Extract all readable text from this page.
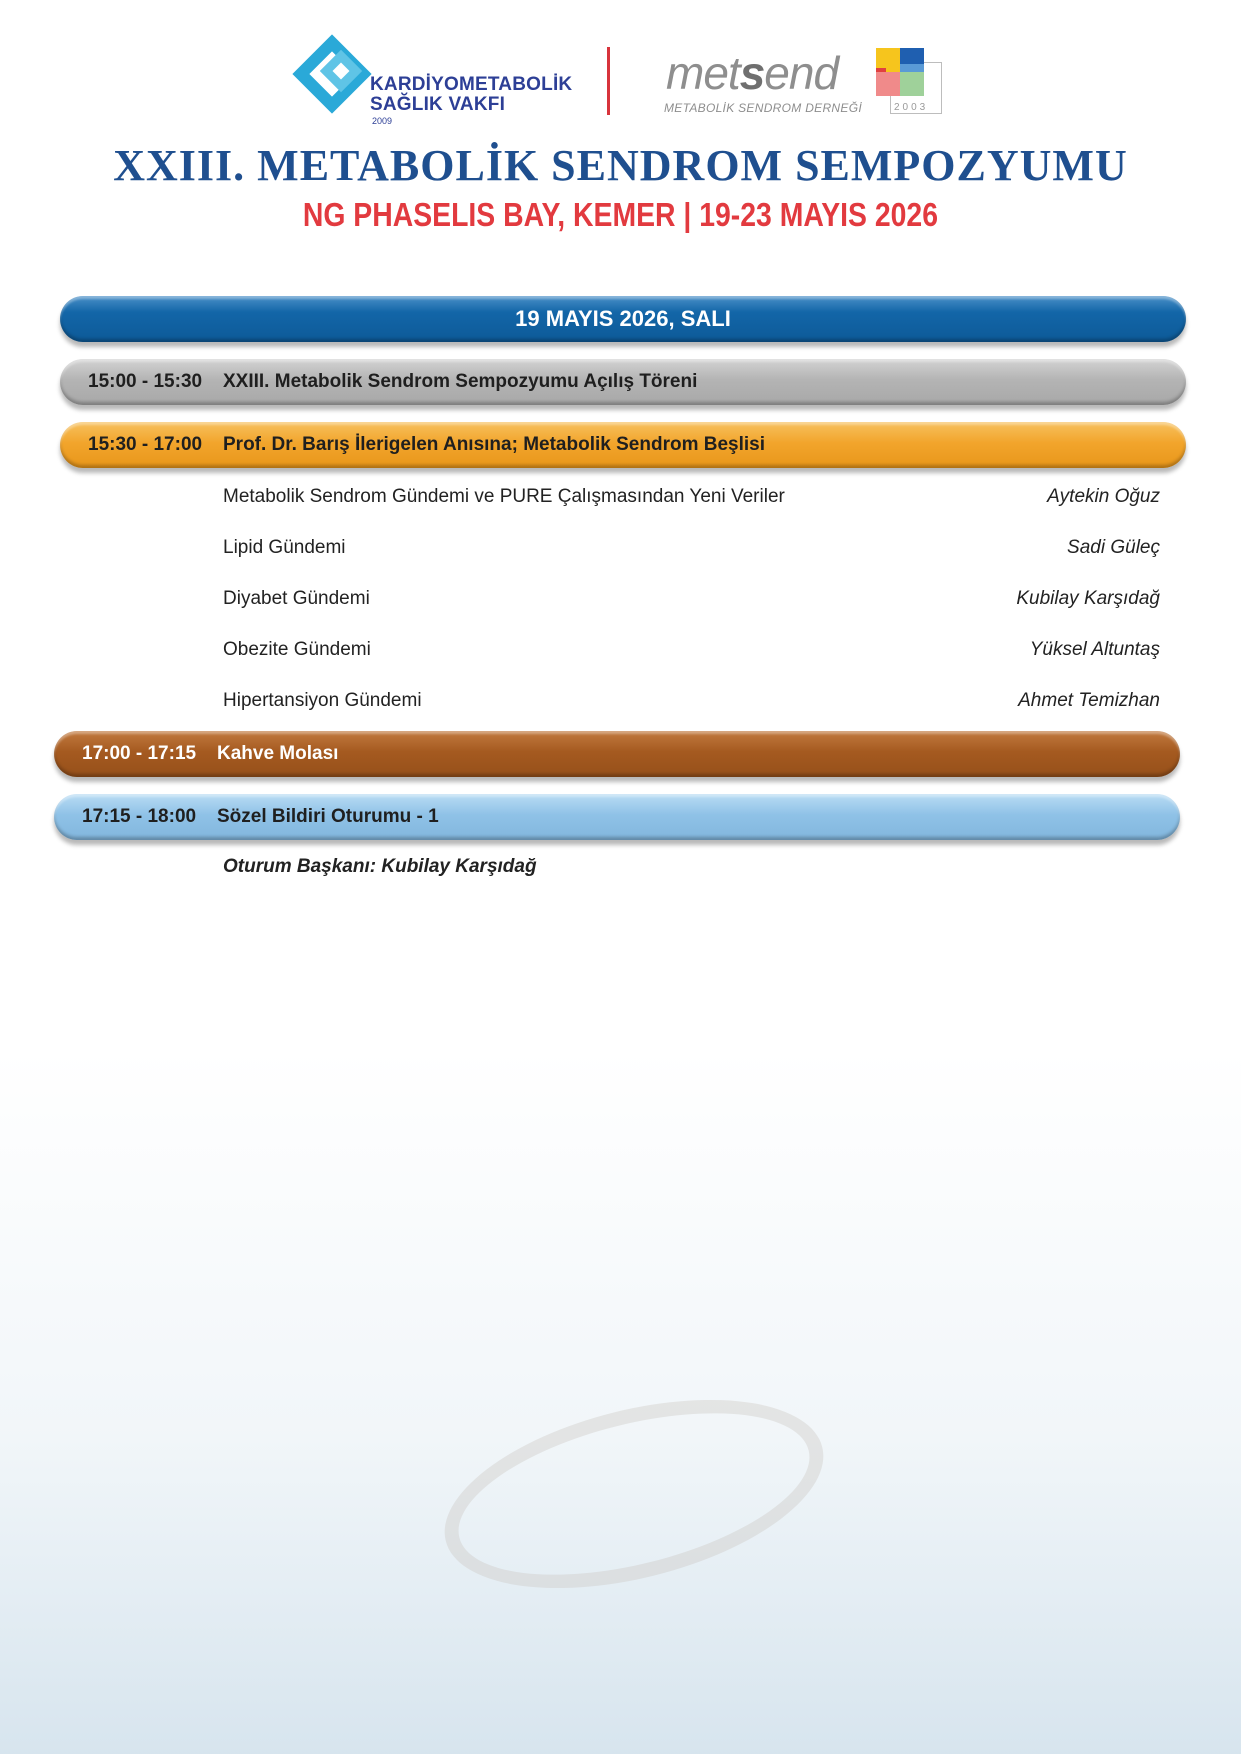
KARDİYOMETABOLİK
SAĞLIK VAKFI
2009
metsend
METABOLİK SENDROM DERNEĞİ	2003
XXIII. METABOLİK SENDROM SEMPOZYUMU
NG PHASELIS BAY, KEMER | 19-23 MAYIS 2026
19 MAYIS 2026, SALI
15:00 - 15:30 XXIII. Metabolik Sendrom Sempozyumu Açılış Töreni
15:30 - 17:00 Prof. Dr. Barış İlerigelen Anısına; Metabolik Sendrom Beşlisi
Metabolik Sendrom Gündemi ve PURE Çalışmasından Yeni Veriler	Aytekin Oğuz
Lipid Gündemi	Sadi Güleç
Diyabet Gündemi	Kubilay Karşıdağ
Obezite Gündemi	Yüksel Altuntaş
Hipertansiyon Gündemi	Ahmet Temizhan
17:00 - 17:15 Kahve Molası
17:15 - 18:00 Sözel Bildiri Oturumu - 1
Oturum Başkanı: Kubilay Karşıdağ
